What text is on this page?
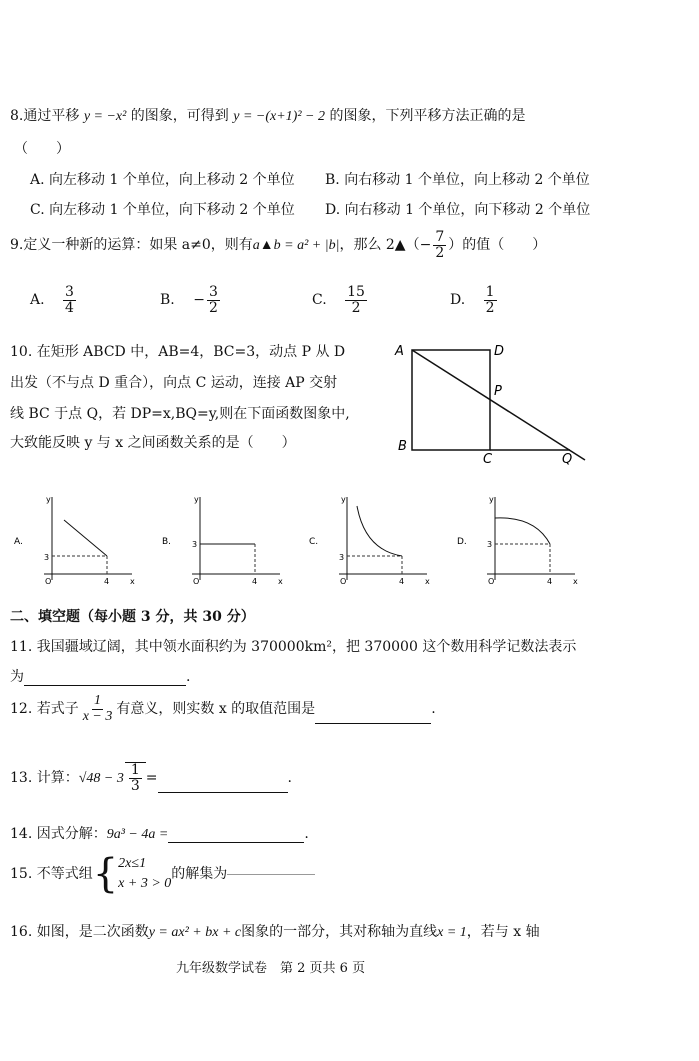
8.通过平移 y = −x² 的图象，可得到 y = −(x+1)² − 2 的图象，下列平移方法正确的是
（　　）
A. 向左移动 1 个单位，向上移动 2 个单位 B. 向右移动 1 个单位，向上移动 2 个单位
C. 向左移动 1 个单位，向下移动 2 个单位 D. 向右移动 1 个单位，向下移动 2 个单位
9.定义一种新的运算：如果 a≠0，则有a▲b = a² + |b|，那么 2▲（− $\frac{7}{2}$ ）的值（　　）
A. $\frac{3}{4}$	B. − $\frac{3}{2}$	C. $\frac{15}{2}$	D. $\frac{1}{2}$
10. 在矩形 ABCD 中，AB=4，BC=3，动点 P 从 D
出发（不与点 D 重合），向点 C 运动，连接 AP 交射
线 BC 于点 Q，若 DP=x,BQ=y,则在下面函数图象中,
大致能反映 y 与 x 之间函数关系的是（　　）
A	D
P
B
C	Q
A.
y
x
O
3
4
B.
y
x
O
3
4
C.
y
x
O
3
4
D.
y
x
O
3
4
二、填空题（每小题 3 分，共 30 分）
11. 我国疆域辽阔，其中领水面积约为 370000km²，把 370000 这个数用科学记数法表示
为	.
12. 若式子 $\frac{1}{x - 3}$ 有意义，则实数 x 的取值范围是	.
13. 计算：$√48 - 3 \frac{1}{3}$ =	.
14. 因式分解：9a³ − 4a =	.
15. 不等式组{ 2x≤1
x + 3 > 0
的解集为
16. 如图，是二次函数y = ax² + bx + c图象的一部分，其对称轴为直线x = 1，若与 x 轴
九年级数学试卷　第 2 页共 6 页
